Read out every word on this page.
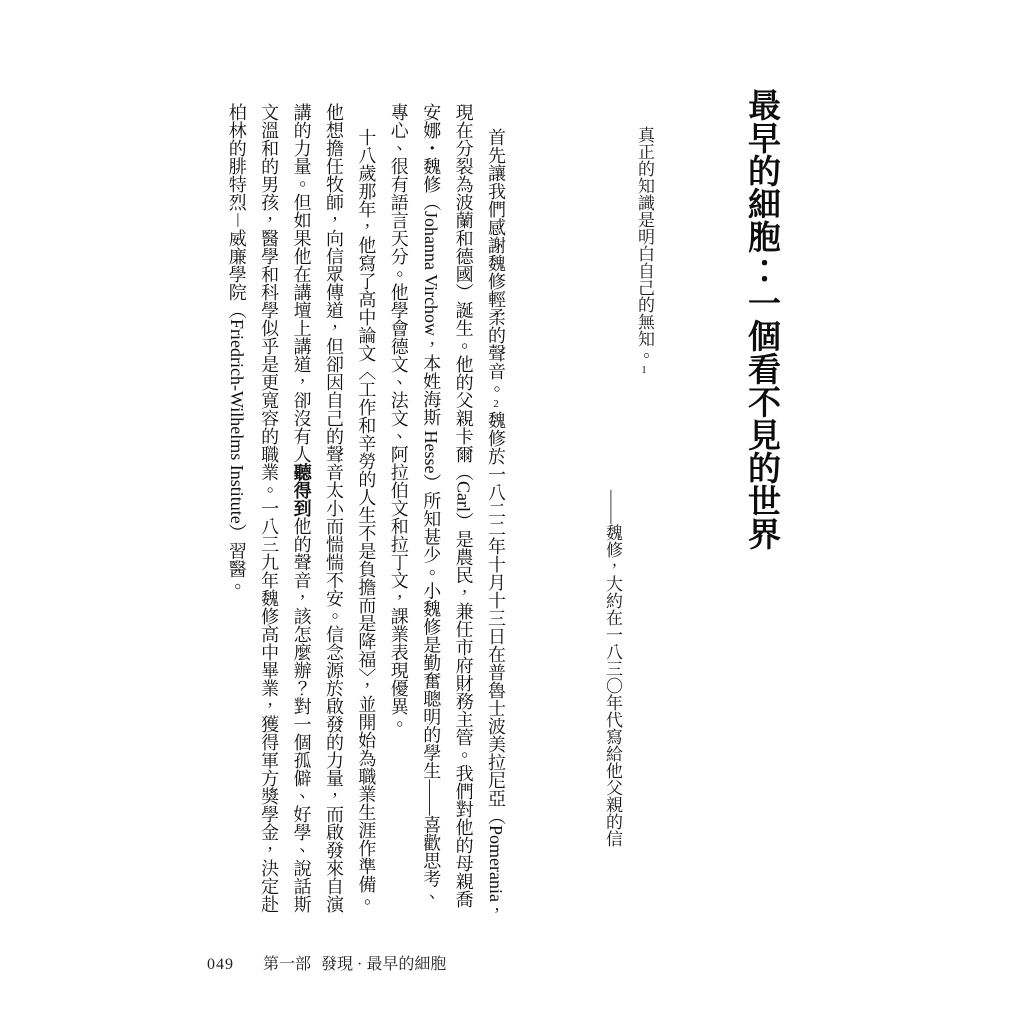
最早的細胞：一個看不見的世界

真正的知識是明白自己的無知。1

——魏修，大約在一八三〇年代寫給他父親的信

首先讓我們感謝魏修輕柔的聲音。2魏修於一八二二年十月十三日在普魯士波美拉尼亞（Pomerania，現在分裂為波蘭和德國）誕生。他的父親卡爾（Carl）是農民，兼任市府財務主管。我們對他的母親喬安娜・魏修（Johanna Virchow，本姓海斯 Hesse）所知甚少。小魏修是勤奮聰明的學生——喜歡思考、專心、很有語言天分。他學會德文、法文、阿拉伯文和拉丁文，課業表現優異。

十八歲那年，他寫了高中論文〈工作和辛勞的人生不是負擔而是降福〉，並開始為職業生涯作準備。他想擔任牧師，向信眾傳道，但卻因自己的聲音太小而惴惴不安。信念源於啟發的力量，而啟發來自演講的力量。但如果他在講壇上講道，卻沒有人聽得到他的聲音，該怎麼辦？對一個孤僻、好學、說話斯文溫和的男孩，醫學和科學似乎是更寬容的職業。一八三九年魏修高中畢業，獲得軍方獎學金，決定赴柏林的腓特烈－威廉學院（Friedrich-Wilhelms Institute）習醫。

049 第一部 發現 · 最早的細胞
